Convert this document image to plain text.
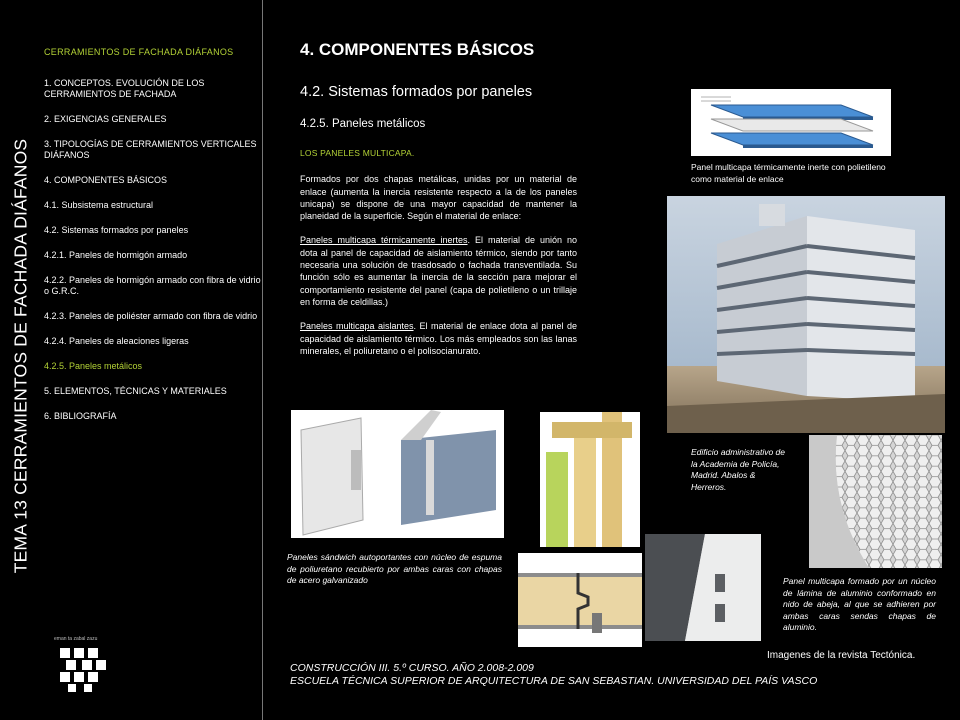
TEMA 13 CERRAMIENTOS DE FACHADA DIÁFANOS
CERRAMIENTOS DE FACHADA DIÁFANOS
1. CONCEPTOS. EVOLUCIÓN DE LOS CERRAMIENTOS DE FACHADA
2. EXIGENCIAS GENERALES
3. TIPOLOGÍAS DE CERRAMIENTOS VERTICALES DIÁFANOS
4. COMPONENTES BÁSICOS
4.1. Subsistema estructural
4.2. Sistemas formados por paneles
4.2.1. Paneles de hormigón armado
4.2.2. Paneles de hormigón armado con fibra de vidrio o G.R.C.
4.2.3. Paneles de poliéster armado con fibra de vidrio
4.2.4. Paneles de aleaciones ligeras
4.2.5. Paneles metálicos
5. ELEMENTOS, TÉCNICAS Y MATERIALES
6. BIBLIOGRAFÍA
eman ta zabal zazu
4. COMPONENTES BÁSICOS
4.2. Sistemas formados por paneles
4.2.5. Paneles metálicos
LOS PANELES MULTICAPA.

Formados por dos chapas metálicas, unidas por un material de enlace (aumenta la inercia resistente respecto a la de los paneles unicapa) se dispone de una mayor capacidad de mantener la planeidad de la superficie. Según el material de enlace:

Paneles multicapa térmicamente inertes. El material de unión no dota al panel de capacidad de aislamiento térmico, siendo por tanto necesaria una solución de trasdosado o fachada transventilada. Su función sólo es aumentar la inercia de la sección para mejorar el comportamiento resistente del panel (capa de polietileno o un trillaje en forma de celdillas.)

Paneles multicapa aislantes. El material de enlace dota al panel de capacidad de aislamiento térmico. Los más empleados son las lanas minerales, el poliuretano o el polisocianurato.

Panel multicapa térmicamente inerte con polietileno como material de enlace
Edificio administrativo de la Academia de Policía, Madrid. Abalos & Herreros.
Panel multicapa formado por un núcleo de lámina de aluminio conformado en nido de abeja, al que se adhieren por ambas caras sendas chapas de aluminio.
Paneles sándwich autoportantes con núcleo de espuma de poliuretano recubierto por ambas caras con chapas de acero galvanizado
Imagenes de la revista Tectónica.
CONSTRUCCIÓN III. 5.º CURSO. AÑO 2.008-2.009
ESCUELA TÉCNICA SUPERIOR DE ARQUITECTURA DE SAN SEBASTIAN. UNIVERSIDAD DEL PAÍS VASCO
